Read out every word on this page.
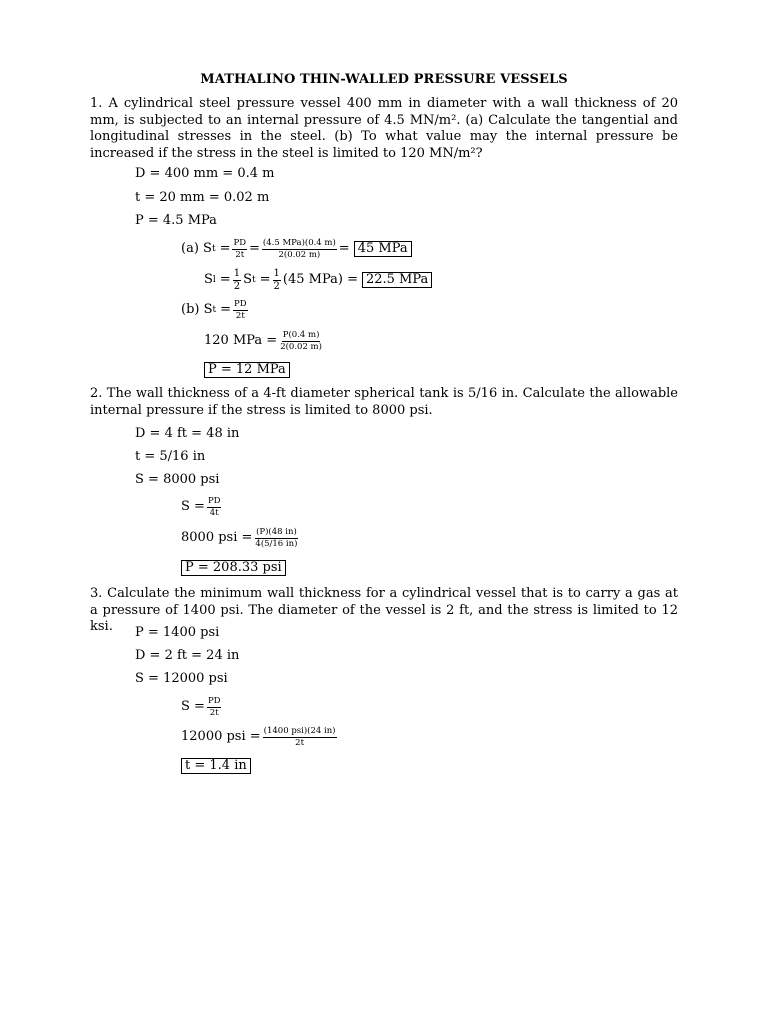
MATHALINO THIN-WALLED PRESSURE VESSELS
1. A cylindrical steel pressure vessel 400 mm in diameter with a wall thickness of 20 mm, is subjected to an internal pressure of 4.5 MN/m². (a) Calculate the tangential and longitudinal stresses in the steel. (b) To what value may the internal pressure be increased if the stress in the steel is limited to 120 MN/m²?
D = 400 mm = 0.4 m
t = 20 mm = 0.02 m
P = 4.5 MPa
(a) S $t = \frac{PD}{2t} = \frac{\text{(4.5 MPa)(0.4 m)}}{2(0.02 m)} = 45$ MPa
S $l = \frac{1}{2}$ S $t = \frac{1}{2} (45$ MPa) = 22.5 MPa
(b) S $t = \frac{PD}{2t}$
120 MPa = $\frac{P(0.4 m)}{2(0.02 m)}$
P = 12 MPa
2. The wall thickness of a 4-ft diameter spherical tank is 5/16 in. Calculate the allowable internal pressure if the stress is limited to 8000 psi.
D = 4 ft = 48 in
t = 5/16 in
S = 8000 psi
$S = \frac{PD}{4t}$
8000 psi = $\frac{(P)(48 in)}{4(5/16 in)}$
P = 208.33 psi
3. Calculate the minimum wall thickness for a cylindrical vessel that is to carry a gas at a pressure of 1400 psi. The diameter of the vessel is 2 ft, and the stress is limited to 12 ksi.	P = 1400 psi
D = 2 ft = 24 in
S = 12000 psi
$S = \frac{PD}{2t}$
12000 psi = $\frac{\text{(1400 psi)(24 in)}}{2t}$
t = 1.4 in
